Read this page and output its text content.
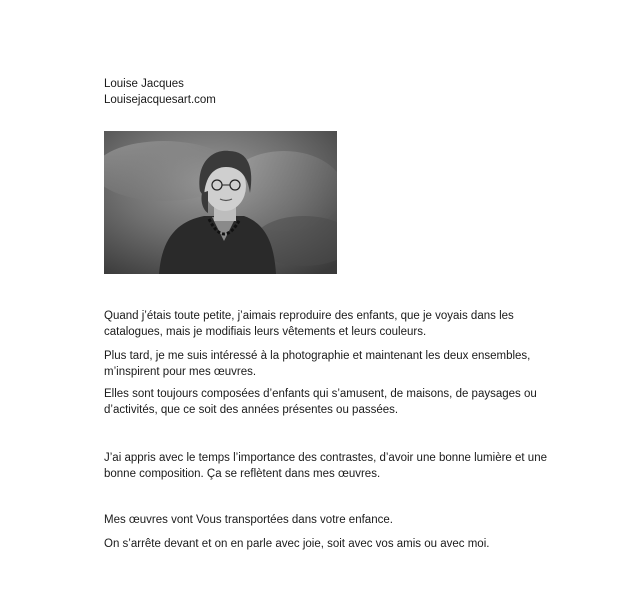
Louise Jacques
Louisejacquesart.com

Quand j’étais toute petite, j’aimais reproduire des enfants, que je voyais dans les catalogues, mais je modifiais leurs vêtements et leurs couleurs.

Plus tard, je me suis intéressé à la photographie et maintenant les deux ensembles, m’inspirent pour mes œuvres.

Elles sont toujours composées d’enfants qui s’amusent, de maisons, de paysages ou d’activités, que ce soit des années présentes ou passées.

J’ai appris avec le temps l’importance des contrastes, d’avoir une bonne lumière et une bonne composition. Ça se reflètent dans mes œuvres.

Mes œuvres vont Vous transportées dans votre enfance.

On s’arrête devant et on en parle avec joie, soit avec vos amis ou avec moi.
